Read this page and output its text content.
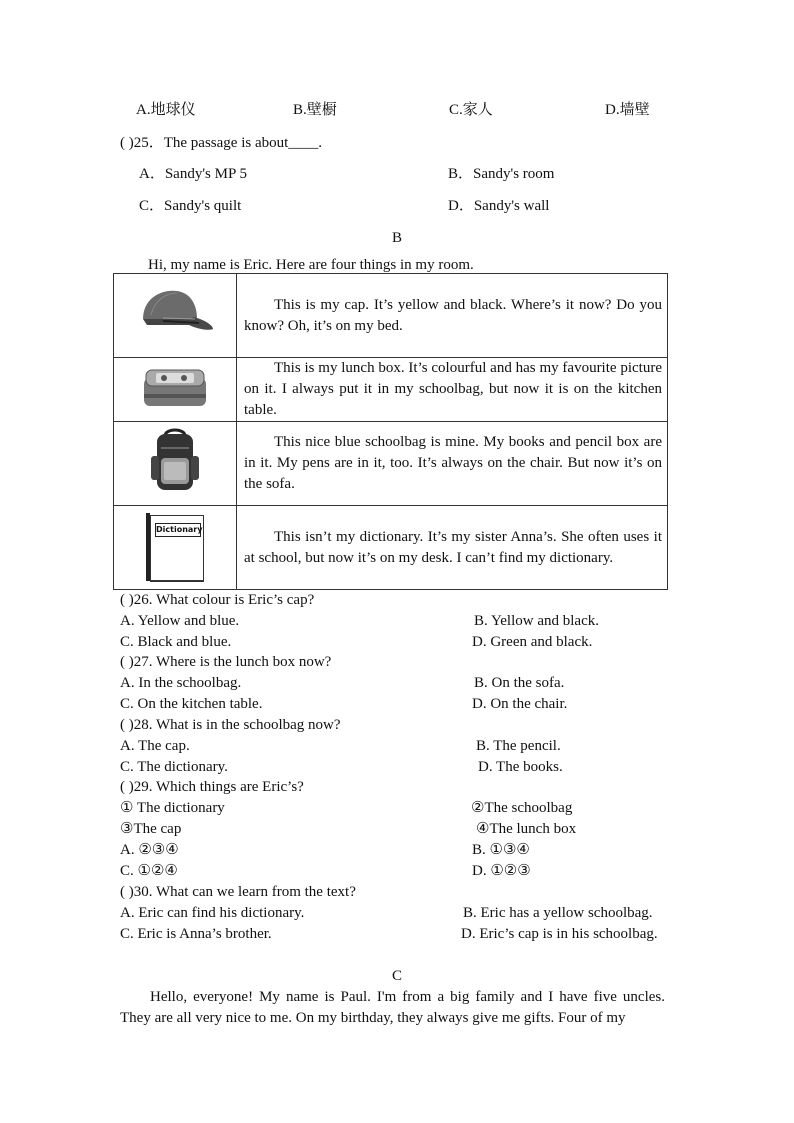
A.地球仪	B.壁橱	C.家人	D.墙壁
( )25．The passage is about____.
A．Sandy's MP 5	B．Sandy's room
C．Sandy's quilt	D．Sandy's wall
B
Hi, my name is Eric. Here are four things in my room.
	This is my cap. It’s yellow and black. Where’s it now? Do you know? Oh, it’s on my bed.
	This is my lunch box. It’s colourful and has my favourite picture on it. I always put it in my schoolbag, but now it is on the kitchen table.
	This nice blue schoolbag is mine. My books and pencil box are in it. My pens are in it, too. It’s always on the chair. But now it’s on the sofa.

Dictionary	This isn’t my dictionary. It’s my sister Anna’s. She often uses it at school, but now it’s on my desk. I can’t find my dictionary.
( )26. What colour is Eric’s cap?
A. Yellow and blue.	B. Yellow and black.
C. Black and blue.	D. Green and black.
( )27. Where is the lunch box now?
A. In the schoolbag.	B. On the sofa.
C. On the kitchen table.	D. On the chair.
( )28. What is in the schoolbag now?
A. The cap.	B. The pencil.
C. The dictionary.	D. The books.
( )29. Which things are Eric’s?
① The dictionary	②The schoolbag
③The cap	④The lunch box
A. ②③④	B. ①③④
C. ①②④	D. ①②③
( )30. What can we learn from the text?
A. Eric can find his dictionary.	B. Eric has a yellow schoolbag.
C. Eric is Anna’s brother.	D. Eric’s cap is in his schoolbag.
C
Hello, everyone! My name is Paul. I'm from a big family and I have five uncles. They are all very nice to me. On my birthday, they always give me gifts. Four of my
